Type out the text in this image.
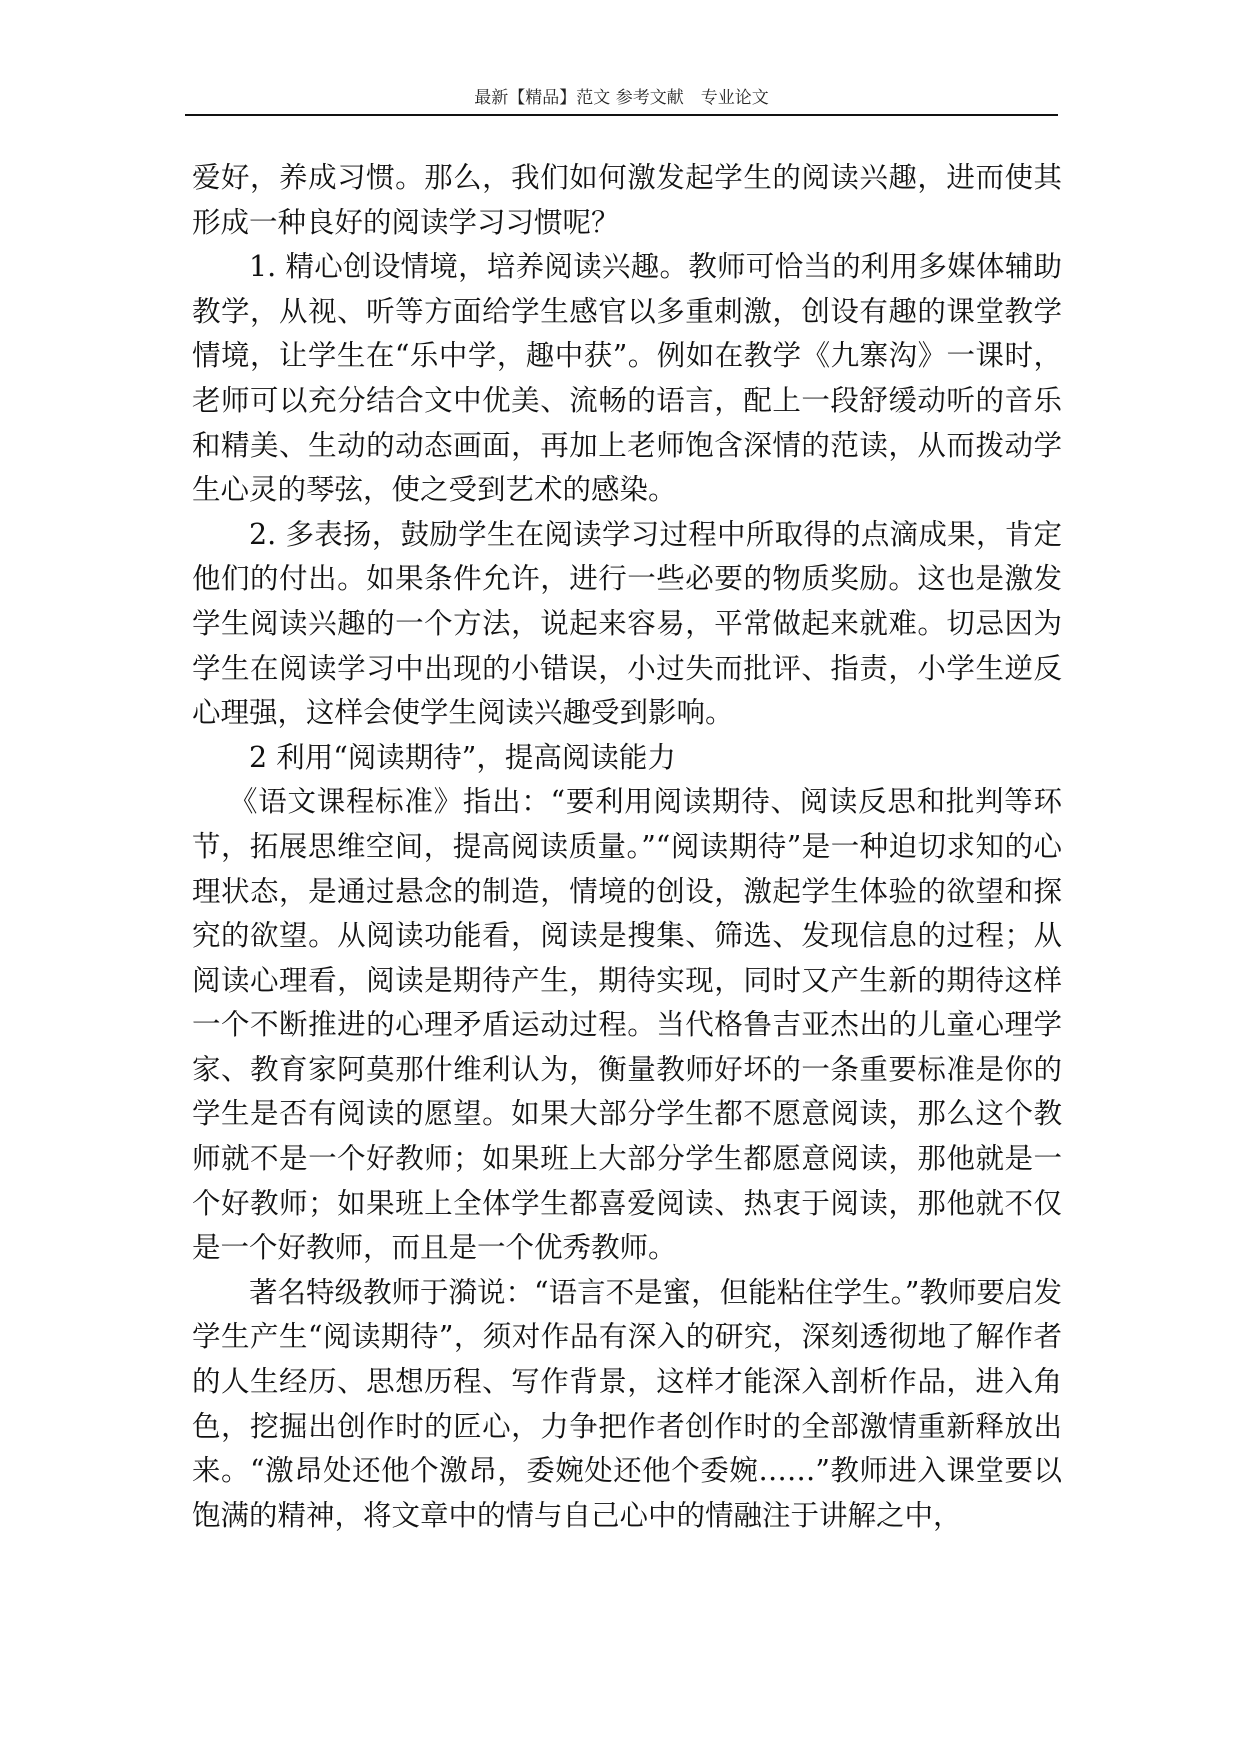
最新【精品】范文 参考文献　专业论文

爱好，养成习惯。那么，我们如何激发起学生的阅读兴趣，进而使其形成一种良好的阅读学习习惯呢？

1. 精心创设情境，培养阅读兴趣。教师可恰当的利用多媒体辅助教学，从视、听等方面给学生感官以多重刺激，创设有趣的课堂教学情境，让学生在“乐中学，趣中获”。例如在教学《九寨沟》一课时，老师可以充分结合文中优美、流畅的语言，配上一段舒缓动听的音乐和精美、生动的动态画面，再加上老师饱含深情的范读，从而拨动学生心灵的琴弦，使之受到艺术的感染。

2. 多表扬，鼓励学生在阅读学习过程中所取得的点滴成果，肯定他们的付出。如果条件允许，进行一些必要的物质奖励。这也是激发学生阅读兴趣的一个方法，说起来容易，平常做起来就难。切忌因为学生在阅读学习中出现的小错误，小过失而批评、指责，小学生逆反心理强，这样会使学生阅读兴趣受到影响。

2 利用“阅读期待”，提高阅读能力

《语文课程标准》指出：“要利用阅读期待、阅读反思和批判等环节，拓展思维空间，提高阅读质量。”“阅读期待”是一种迫切求知的心理状态，是通过悬念的制造，情境的创设，激起学生体验的欲望和探究的欲望。从阅读功能看，阅读是搜集、筛选、发现信息的过程；从阅读心理看，阅读是期待产生，期待实现，同时又产生新的期待这样一个不断推进的心理矛盾运动过程。当代格鲁吉亚杰出的儿童心理学家、教育家阿莫那什维利认为，衡量教师好坏的一条重要标准是你的学生是否有阅读的愿望。如果大部分学生都不愿意阅读，那么这个教师就不是一个好教师；如果班上大部分学生都愿意阅读，那他就是一个好教师；如果班上全体学生都喜爱阅读、热衷于阅读，那他就不仅是一个好教师，而且是一个优秀教师。

著名特级教师于漪说：“语言不是蜜，但能粘住学生。”教师要启发学生产生“阅读期待”，须对作品有深入的研究，深刻透彻地了解作者的人生经历、思想历程、写作背景，这样才能深入剖析作品，进入角色，挖掘出创作时的匠心，力争把作者创作时的全部激情重新释放出来。“激昂处还他个激昂，委婉处还他个委婉……”教师进入课堂要以饱满的精神，将文章中的情与自己心中的情融注于讲解之中，
